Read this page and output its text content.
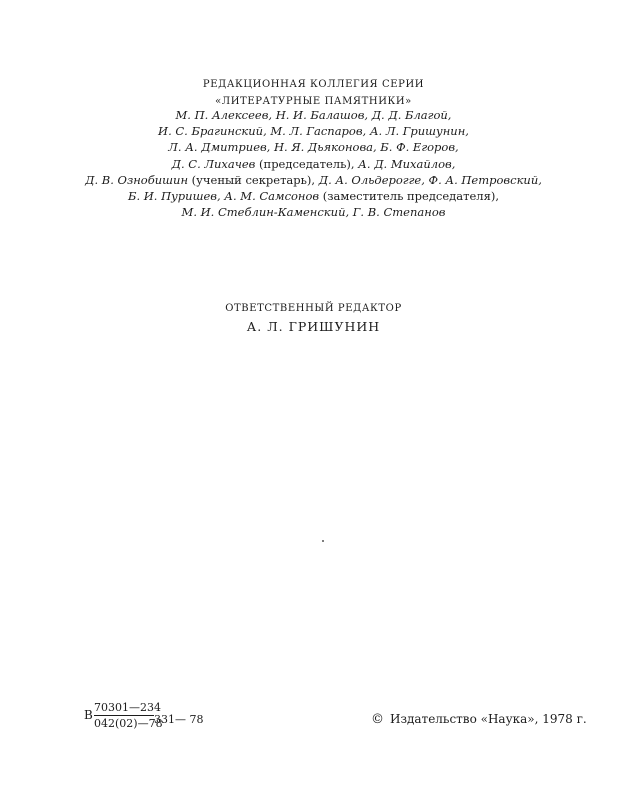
РЕДАКЦИОННАЯ КОЛЛЕГИЯ СЕРИИ
«ЛИТЕРАТУРНЫЕ ПАМЯТНИКИ»
М. П. Алексеев, Н. И. Балашов, Д. Д. Благой,
И. С. Брагинский, М. Л. Гаспаров, А. Л. Гришунин,
Л. А. Дмитриев, Н. Я. Дьяконова, Б. Ф. Егоров,
Д. С. Лихачев (председатель), А. Д. Михайлов,
Д. В. Ознобишин (ученый секретарь), Д. А. Ольдерогге, Ф. А. Петровский,
Б. И. Пуришев, А. М. Самсонов (заместитель председателя),
М. И. Стеблин-Каменский, Г. В. Степанов
ОТВЕТСТВЕННЫЙ РЕДАКТОР
А. Л. ГРИШУНИН
В $\frac{70301—234}{042(02)—78}$ 331— 78	© Издательство «Наука», 1978 г.
